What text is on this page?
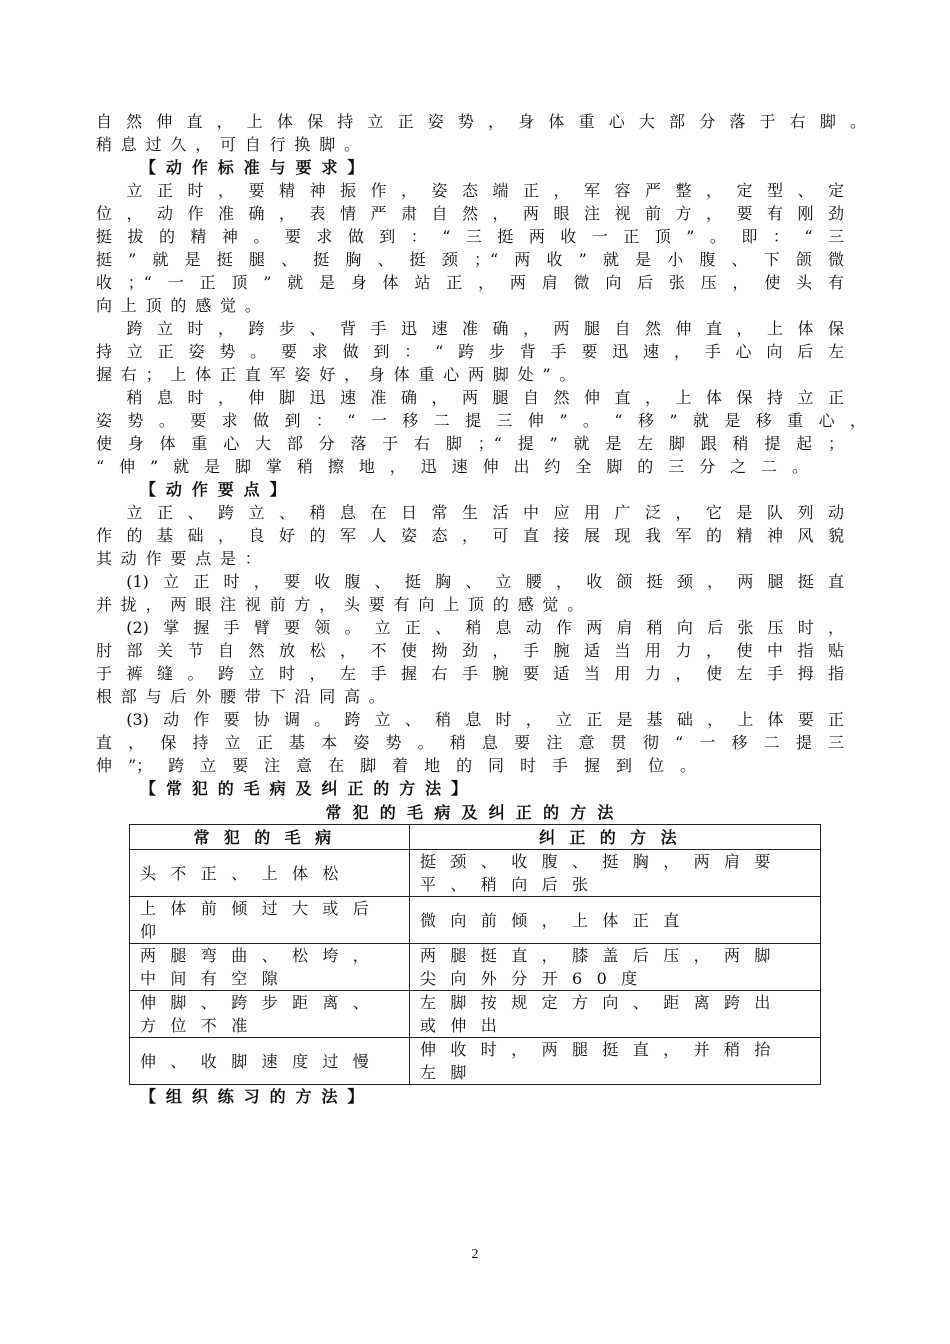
自然伸直，上体保持立正姿势，身体重心大部分落于右脚。
稍息过久，可自行换脚。
【动作标准与要求】
　立正时，要精神振作，姿态端正，军容严整，定型、定
位，动作准确，表情严肃自然，两眼注视前方，要有刚劲
挺拔的精神。要求做到：“三挺两收一正顶”。即：“三
挺”就是挺腿、挺胸、挺颈；“两收”就是小腹、下颌微
收；“一正顶”就是身体站正，两肩微向后张压，使头有
向上顶的感觉。
　跨立时，跨步、背手迅速准确，两腿自然伸直，上体保
持立正姿势。要求做到：“跨步背手要迅速，手心向后左
握右；上体正直军姿好，身体重心两脚处”。
　稍息时，伸脚迅速准确，两腿自然伸直，上体保持立正
姿势。要求做到：“一移二提三伸”。“移”就是移重心，
使身体重心大部分落于右脚；“提”就是左脚跟稍提起；
“伸”就是脚掌稍擦地，迅速伸出约全脚的三分之二。
【动作要点】
　立正、跨立、稍息在日常生活中应用广泛，它是队列动
作的基础，良好的军人姿态，可直接展现我军的精神风貌
其动作要点是：
　(1)立正时，要收腹、挺胸、立腰，收颌挺颈，两腿挺直
并拢，两眼注视前方，头要有向上顶的感觉。
　(2)掌握手臂要领。立正、稍息动作两肩稍向后张压时，
肘部关节自然放松，不使拗劲，手腕适当用力，使中指贴
于裤缝。跨立时，左手握右手腕要适当用力，使左手拇指
根部与后外腰带下沿同高。
　(3)动作要协调。跨立、稍息时，立正是基础，上体要正
直，保持立正基本姿势。稍息要注意贯彻“一移二提三
伸”；跨立要注意在脚着地的同时手握到位。
【常犯的毛病及纠正的方法】
常犯的毛病及纠正的方法
常犯的毛病	纠正的方法

头不正、上体松	挺颈、收腹、挺胸，两肩要平、稍向后张

上体前倾过大或后仰	微向前倾，上体正直

两腿弯曲、松垮，中间有空隙	两腿挺直，膝盖后压，两脚尖向外分开60度

伸脚、跨步距离、方位不准	左脚按规定方向、距离跨出或伸出

伸、收脚速度过慢	伸收时，两腿挺直，并稍抬左脚
【组织练习的方法】
2
